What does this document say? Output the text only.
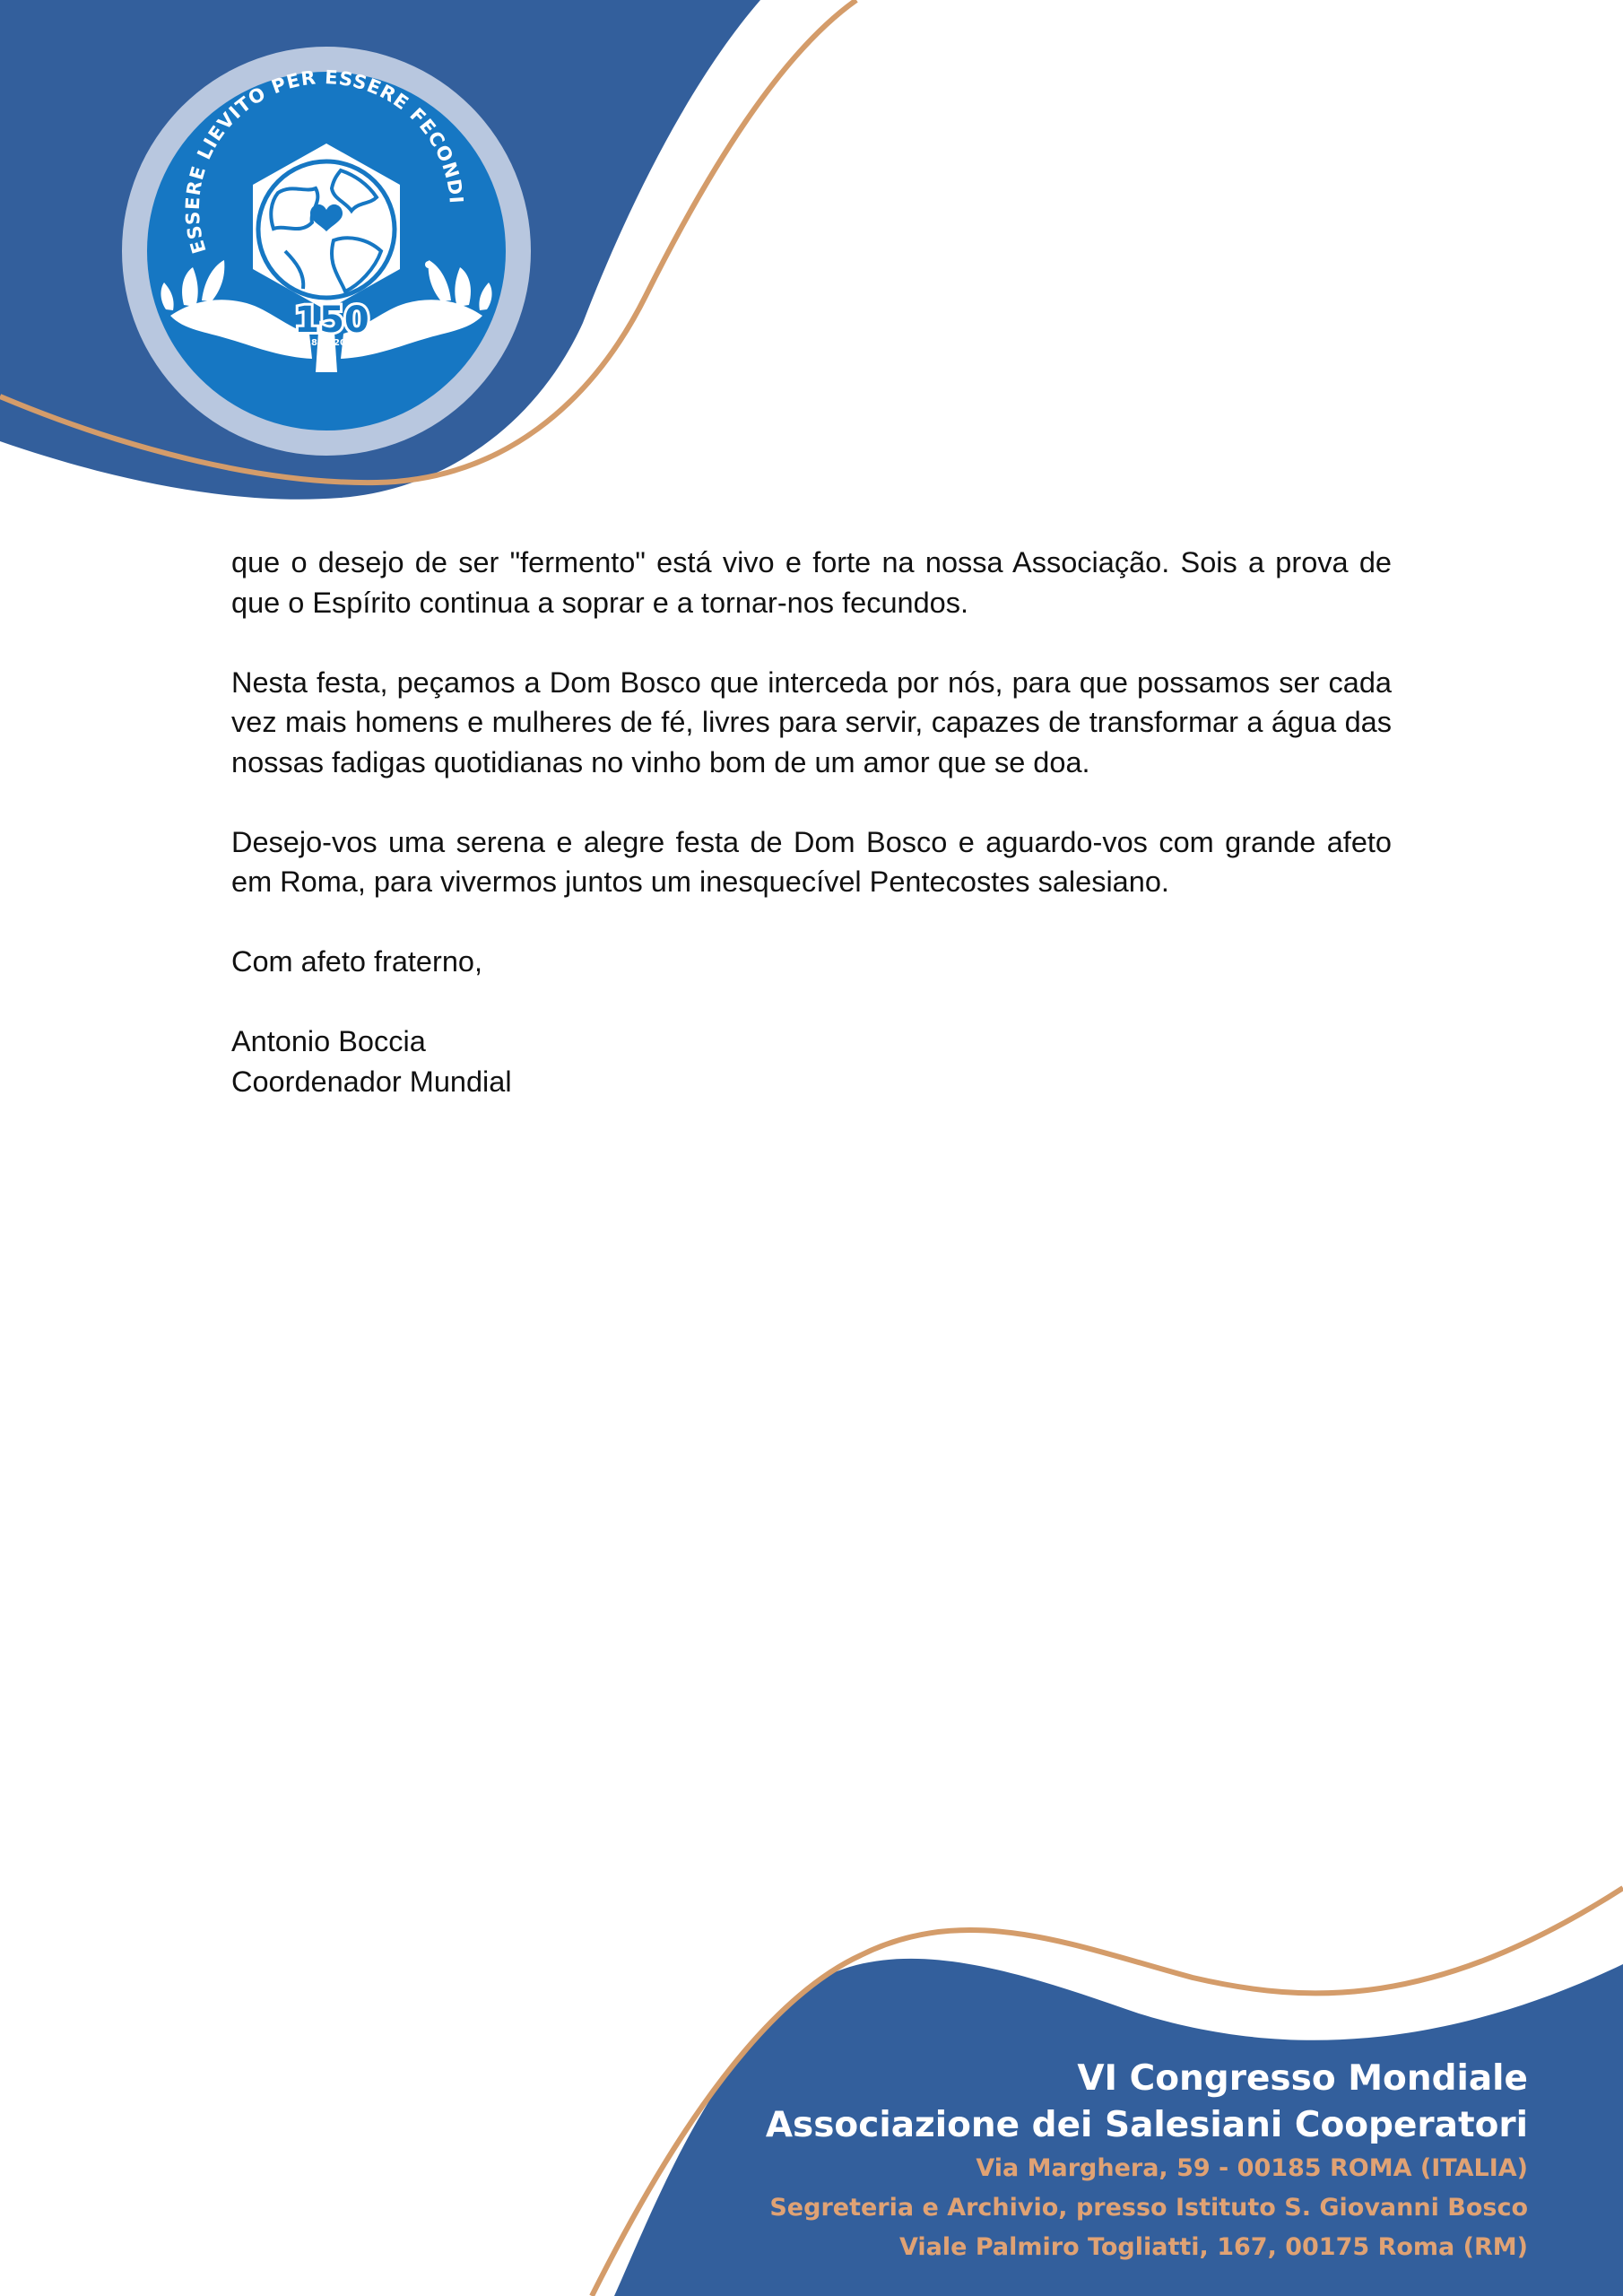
ESSERE LIEVITO PER ESSERE FECONDI
150
1876-2026

que o desejo de ser "fermento" está vivo e forte na nossa Associação. Sois a prova de que o Espírito continua a soprar e a tornar-nos fecundos.

Nesta festa, peçamos a Dom Bosco que interceda por nós, para que possamos ser cada vez mais homens e mulheres de fé, livres para servir, capazes de transformar a água das nossas fadigas quotidianas no vinho bom de um amor que se doa.

Desejo-vos uma serena e alegre festa de Dom Bosco e aguardo-vos com grande afeto em Roma, para vivermos juntos um inesquecível Pentecostes salesiano.

Com afeto fraterno,
Antonio Boccia
Coordenador Mundial
VI Congresso Mondiale
Associazione dei Salesiani Cooperatori
Via Marghera, 59 - 00185 ROMA (ITALIA)
Segreteria e Archivio, presso Istituto S. Giovanni Bosco
Viale Palmiro Togliatti, 167, 00175 Roma (RM)
